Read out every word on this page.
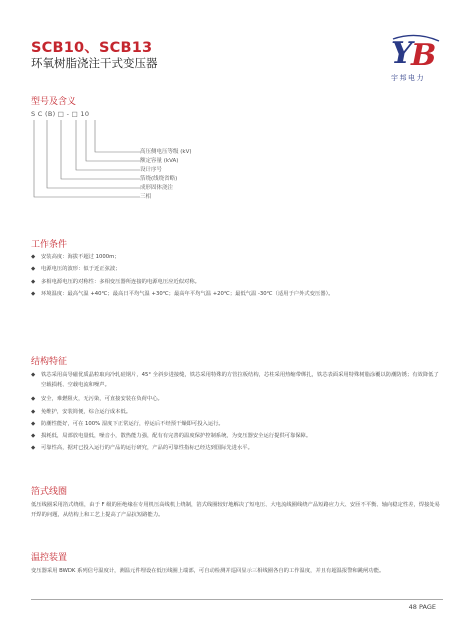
SCB10、SCB13
环氧树脂浇注干式变压器	Y
B
宇邦电力
型号及含义
S C (B) □ - □ 10
高压侧电压等级 (kV)
额定容量 (kVA)
设计序号
箔绕(线绕省略)
成形固体浇注
三相
工作条件
◆	安装高度：海拔不超过 1000m；
◆	电源电压的波形：似于近正弦波；
◆	多相电源电压的对称性：多相变压器所连接的电源电压应近似对称。
◆	环境温度：最高气温 +40℃；最高日平均气温 +30℃；最高年平均气温 +20℃；最低气温 -30℃（适用于户外式变压器）。
结构特征
◆	铁芯采用高导磁优质晶粒取向冷轧硅钢片，45° 全斜步进接缝，铁芯采用特殊的方管拉板结构，芯柱采用热缩带绑扎，铁芯表面采用特殊树脂涂覆以防潮防锈；有效降低了空载损耗、空载电流和噪声。
◆	安全，难燃阻火，无污染，可直接安装在负荷中心。
◆	免维护，安装简便，综合运行成本低。
◆	防潮性能好，可在 100% 湿度下正常运行，停运后不经预干燥即可投入运行。
◆	损耗低，局部放电量低，噪音小，散热能力强，配有有完善的温度保护控制系统，为变压器安全运行提供可靠保障。
◆	可靠性高，据对已投入运行的产品的运行研究，产品的可靠性指标已经达到国际先进水平。
箔式线圈
低压线圈采用箔式绕组，由于 F 级的匝绝缘在专用机压高线机上绕制，箔式线圈较好地解决了短电压、大电流线圈线绕产品短路应力大、安匝不平衡、轴向稳定性差，焊接处易开焊的问题，从结构上和工艺上提高了产品抗短路能力。
温控装置
变压器采用 BWDK 系列信号温度计，测温元件埋设在低压线圈上端部，可自动检测并巡回显示三相线圈各自的工作温度，并且有超温报警和跳闸功能。
48 PAGE
